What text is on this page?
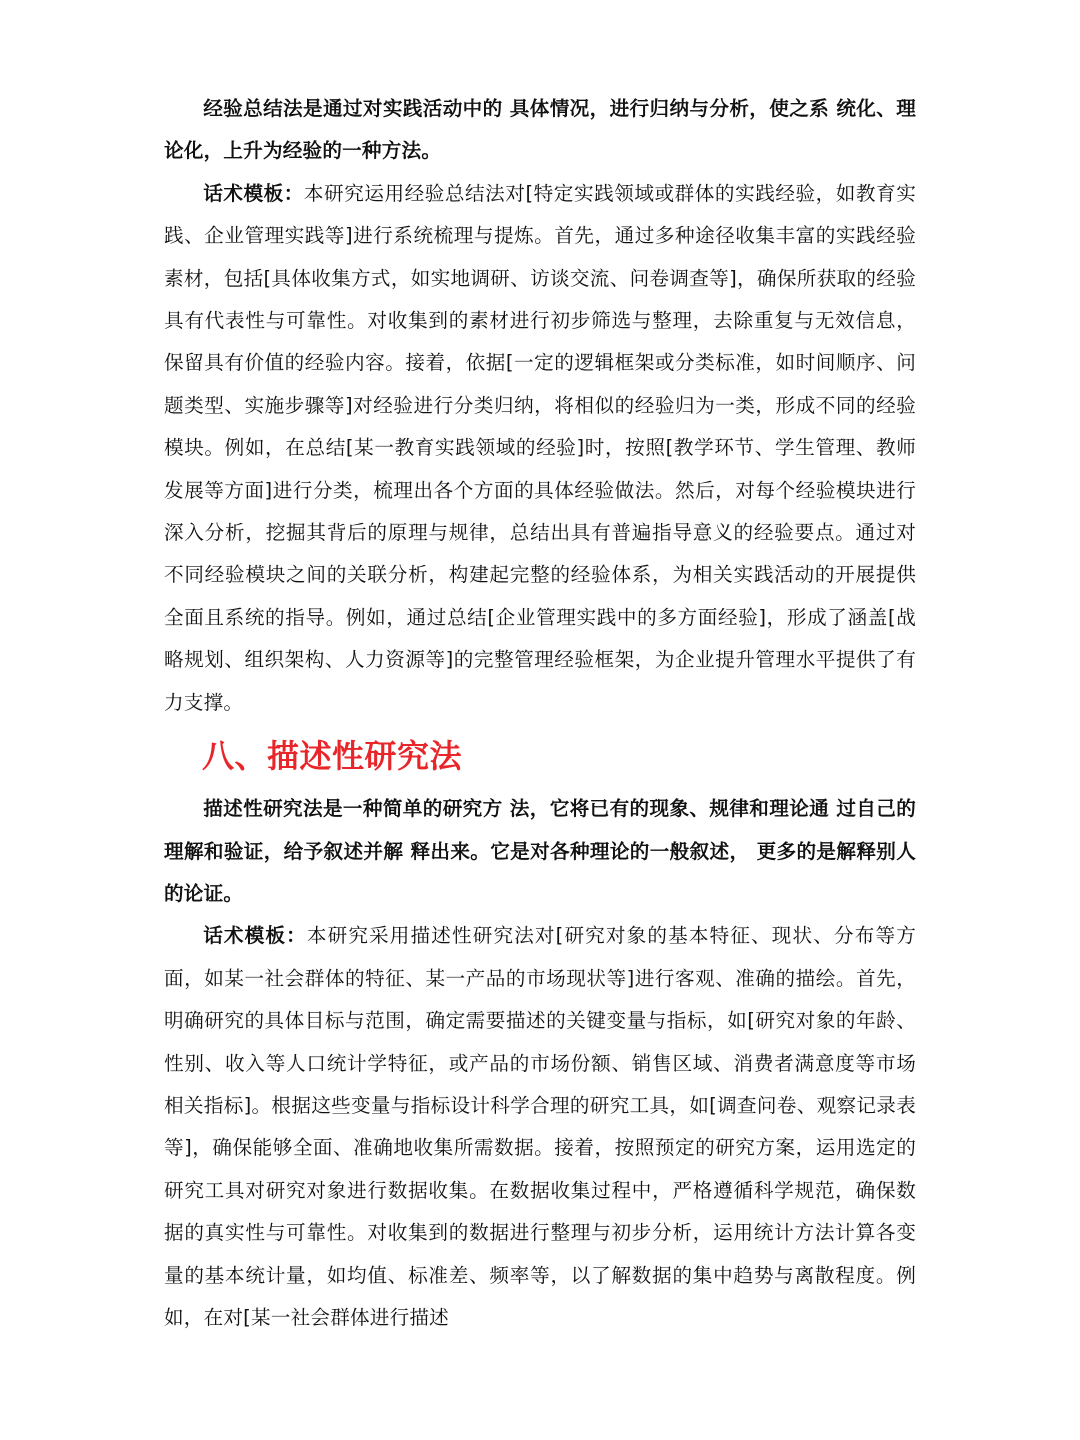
经验总结法是通过对实践活动中的 具体情况，进行归纳与分析，使之系 统化、理论化，上升为经验的一种方法。

话术模板：本研究运用经验总结法对[特定实践领域或群体的实践经验，如教育实践、企业管理实践等]进行系统梳理与提炼。首先，通过多种途径收集丰富的实践经验素材，包括[具体收集方式，如实地调研、访谈交流、问卷调查等]，确保所获取的经验具有代表性与可靠性。对收集到的素材进行初步筛选与整理，去除重复与无效信息，保留具有价值的经验内容。接着，依据[一定的逻辑框架或分类标准，如时间顺序、问题类型、实施步骤等]对经验进行分类归纳，将相似的经验归为一类，形成不同的经验模块。例如，在总结[某一教育实践领域的经验]时，按照[教学环节、学生管理、教师发展等方面]进行分类，梳理出各个方面的具体经验做法。然后，对每个经验模块进行深入分析，挖掘其背后的原理与规律，总结出具有普遍指导意义的经验要点。通过对不同经验模块之间的关联分析，构建起完整的经验体系，为相关实践活动的开展提供全面且系统的指导。例如，通过总结[企业管理实践中的多方面经验]，形成了涵盖[战略规划、组织架构、人力资源等]的完整管理经验框架，为企业提升管理水平提供了有力支撑。

八、描述性研究法

描述性研究法是一种简单的研究方 法，它将已有的现象、规律和理论通 过自己的理解和验证，给予叙述并解 释出来。它是对各种理论的一般叙述， 更多的是解释别人的论证。

话术模板：本研究采用描述性研究法对[研究对象的基本特征、现状、分布等方面，如某一社会群体的特征、某一产品的市场现状等]进行客观、准确的描绘。首先，明确研究的具体目标与范围，确定需要描述的关键变量与指标，如[研究对象的年龄、性别、收入等人口统计学特征，或产品的市场份额、销售区域、消费者满意度等市场相关指标]。根据这些变量与指标设计科学合理的研究工具，如[调查问卷、观察记录表等]，确保能够全面、准确地收集所需数据。接着，按照预定的研究方案，运用选定的研究工具对研究对象进行数据收集。在数据收集过程中，严格遵循科学规范，确保数据的真实性与可靠性。对收集到的数据进行整理与初步分析，运用统计方法计算各变量的基本统计量，如均值、标准差、频率等，以了解数据的集中趋势与离散程度。例如，在对[某一社会群体进行描述
